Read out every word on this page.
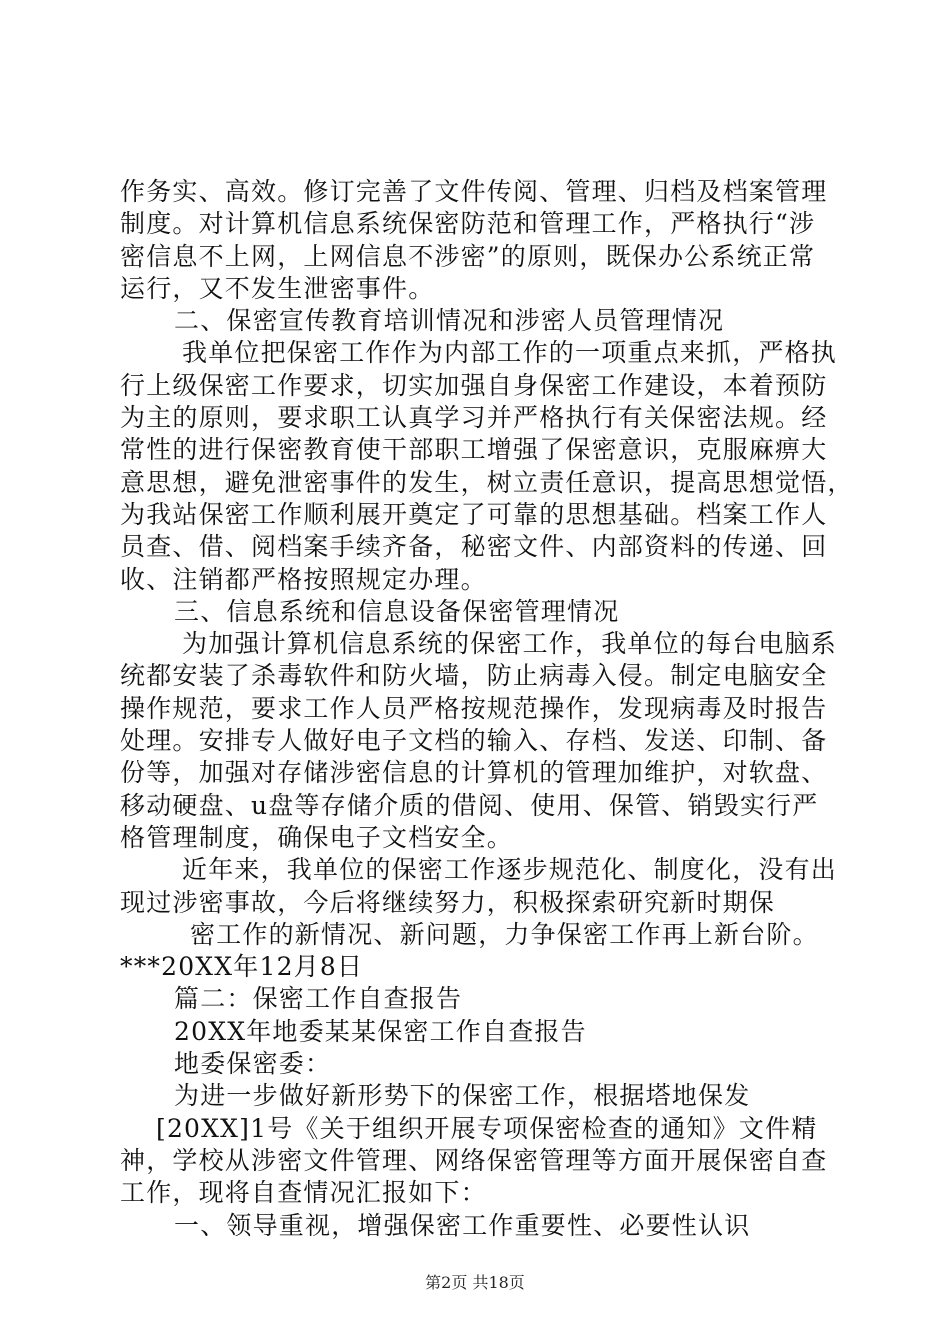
作务实、高效。修订完善了文件传阅、管理、归档及档案管理
制度。对计算机信息系统保密防范和管理工作，严格执行“涉
密信息不上网，上网信息不涉密”的原则，既保办公系统正常
运行，又不发生泄密事件。
二、保密宣传教育培训情况和涉密人员管理情况
我单位把保密工作作为内部工作的一项重点来抓，严格执
行上级保密工作要求，切实加强自身保密工作建设，本着预防
为主的原则，要求职工认真学习并严格执行有关保密法规。经
常性的进行保密教育使干部职工增强了保密意识，克服麻痹大
意思想，避免泄密事件的发生，树立责任意识，提高思想觉悟，
为我站保密工作顺利展开奠定了可靠的思想基础。档案工作人
员查、借、阅档案手续齐备，秘密文件、内部资料的传递、回
收、注销都严格按照规定办理。
三、信息系统和信息设备保密管理情况
为加强计算机信息系统的保密工作，我单位的每台电脑系
统都安装了杀毒软件和防火墙，防止病毒入侵。制定电脑安全
操作规范，要求工作人员严格按规范操作，发现病毒及时报告
处理。安排专人做好电子文档的输入、存档、发送、印制、备
份等，加强对存储涉密信息的计算机的管理加维护，对软盘、
移动硬盘、u盘等存储介质的借阅、使用、保管、销毁实行严
格管理制度，确保电子文档安全。
近年来，我单位的保密工作逐步规范化、制度化，没有出
现过涉密事故，今后将继续努力，积极探索研究新时期保
密工作的新情况、新问题，力争保密工作再上新台阶。
***20XX年12月8日
篇二：保密工作自查报告
20XX年地委某某保密工作自查报告
地委保密委：
为进一步做好新形势下的保密工作，根据塔地保发
[20XX]1号《关于组织开展专项保密检查的通知》文件精
神，学校从涉密文件管理、网络保密管理等方面开展保密自查
工作，现将自查情况汇报如下：
一、领导重视，增强保密工作重要性、必要性认识
第2页 共18页
